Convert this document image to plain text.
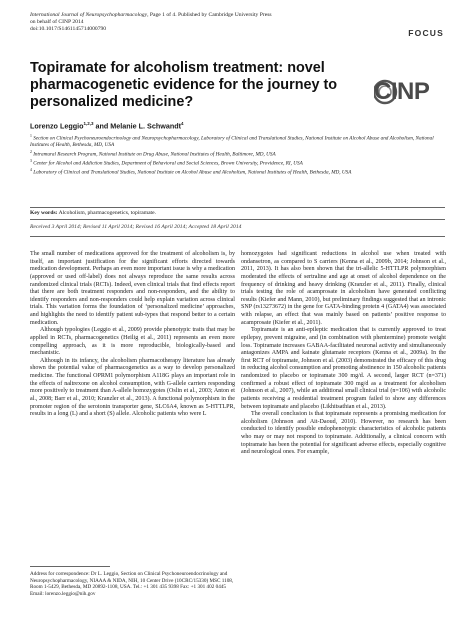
International Journal of Neuropsychopharmacology, Page 1 of 4. Published by Cambridge University Press
on behalf of CINP 2014
doi:10.1017/S1461145714000790	FOCUS
CINP
Topiramate for alcoholism treatment: novel pharmacogenetic evidence for the journey to personalized medicine?
Lorenzo Leggio$^{1,2,3}$ and Melanie L. Schwandt$^4$
$^1$ Section on Clinical Psychoneuroendocrinology and Neuropsychopharmacology, Laboratory of Clinical and Translational Studies, National Institute on Alcohol Abuse and Alcoholism, National Institutes of Health, Bethesda, MD, USA
$^2$ Intramural Research Program, National Institute on Drug Abuse, National Institutes of Health, Baltimore, MD, USA
$^3$ Center for Alcohol and Addiction Studies, Department of Behavioral and Social Sciences, Brown University, Providence, RI, USA
$^4$ Laboratory of Clinical and Translational Studies, National Institute on Alcohol Abuse and Alcoholism, National Institutes of Health, Bethesda, MD, USA
Key words: Alcoholism, pharmacogenetics, topiramate.
Received 3 April 2014; Revised 11 April 2014; Revised 16 April 2014; Accepted 18 April 2014

The small number of medications approved for the treatment of alcoholism is, by itself, an important justification for the significant efforts directed towards medication development. Perhaps an even more important issue is why a medication (approved or used off-label) does not always reproduce the same results across randomized clinical trials (RCTs). Indeed, even clinical trials that find effects report that there are both treatment responders and non-responders, and the ability to identify responders and non-responders could help explain variation across clinical trials. This variation forms the foundation of ‘personalized medicine’ approaches, and highlights the need to identify patient sub-types that respond better to a certain medication.

Although typologies (Leggio et al., 2009) provide phenotypic traits that may be applied in RCTs, pharmacogenetics (Heilig et al., 2011) represents an even more compelling approach, as it is more reproducible, biologically-based and mechanistic.

Although in its infancy, the alcoholism pharmacotherapy literature has already shown the potential value of pharmacogenetics as a way to develop personalized medicine. The functional OPRM1 polymorphism A118G plays an important role in the effects of naltrexone on alcohol consumption, with G-allele carriers responding more positively to treatment than A-allele homozygotes (Oslin et al., 2003; Anton et al., 2008; Barr et al., 2010; Kranzler et al., 2013). A functional polymorphism in the promoter region of the serotonin transporter gene, SLC6A4, known as 5-HTTLPR, results in a long (L) and a short (S) allele. Alcoholic patients who were L

homozygotes had significant reductions in alcohol use when treated with ondansetron, as compared to S carriers (Kenna et al., 2009b, 2014; Johnson et al., 2011, 2013). It has also been shown that the tri-allelic 5-HTTLPR polymorphism moderated the effects of sertraline and age at onset of alcohol dependence on the frequency of drinking and heavy drinking (Kranzler et al., 2011). Finally, clinical trials testing the role of acamprosate in alcoholism have generated conflicting results (Kiefer and Mann, 2010), but preliminary findings suggested that an intronic SNP (rs13273672) in the gene for GATA-binding protein 4 (GATA4) was associated with relapse, an effect that was mainly based on patients’ positive response to acamprosate (Kiefer et al., 2011).

Topiramate is an anti-epileptic medication that is currently approved to treat epilepsy, prevent migraine, and (in combination with phentermine) promote weight loss. Topiramate increases GABAA-facilitated neuronal activity and simultaneously antagonizes AMPA and kainate glutamate receptors (Kenna et al., 2009a). In the first RCT of topiramate, Johnson et al. (2003) demonstrated the efficacy of this drug in reducing alcohol consumption and promoting abstinence in 150 alcoholic patients randomized to placebo or topiramate 300 mg/d. A second, larger RCT (n=371) confirmed a robust effect of topiramate 300 mg/d as a treatment for alcoholism (Johnson et al., 2007), while an additional small clinical trial (n=106) with alcoholic patients receiving a residential treatment program failed to show any differences between topiramate and placebo (Likhitsathian et al., 2013).

The overall conclusion is that topiramate represents a promising medication for alcoholism (Johnson and Ait-Daoud, 2010). However, no research has been conducted to identify possible endophenotypic characteristics of alcoholic patients who may or may not respond to topiramate. Additionally, a clinical concern with topiramate has been the potential for significant adverse effects, especially cognitive and neurological ones. For example,

Address for correspondence: Dr L. Leggio, Section on Clinical Psychoneuroendocrinology and Neuropsychopharmacology, NIAAA & NIDA, NIH, 10 Center Drive (10CRC/15330) MSC 1108, Room 1-5429, Bethesda, MD 20892-1108, USA. Tel.: +1 301 435 9398 Fax: +1 301 402 0445
Email: lorenzo.leggio@nih.gov
